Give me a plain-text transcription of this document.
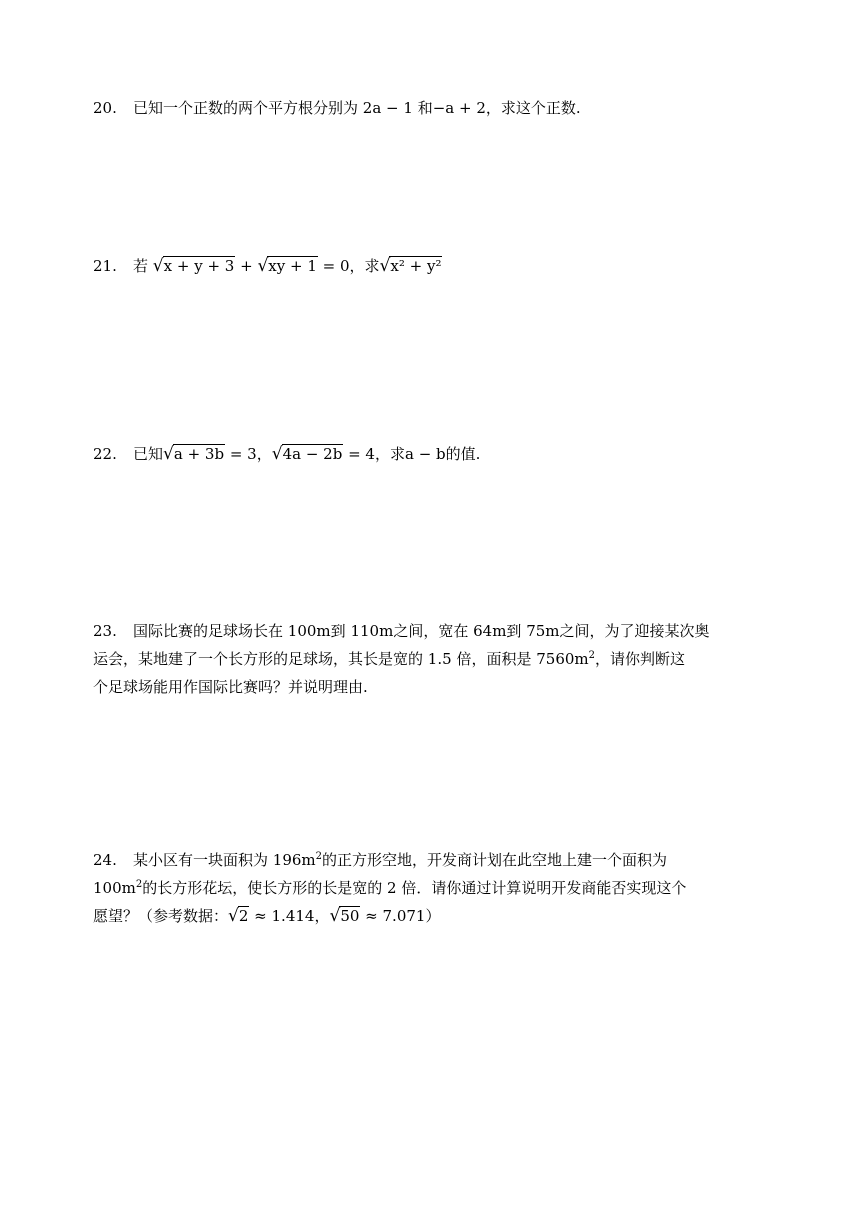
20. 已知一个正数的两个平方根分别为 2a − 1 和−a + 2，求这个正数.
21. 若 √x + y + 3 + √xy + 1 = 0，求√x² + y²
22. 已知√a + 3b = 3，√4a − 2b = 4，求a − b的值.
23. 国际比赛的足球场长在 100m到 110m之间，宽在 64m到 75m之间，为了迎接某次奥
运会，某地建了一个长方形的足球场，其长是宽的 1.5 倍，面积是 $7560m^2$，请你判断这
个足球场能用作国际比赛吗？并说明理由.
24. 某小区有一块面积为 $196m^2$的正方形空地，开发商计划在此空地上建一个面积为
$100m^2$的长方形花坛，使长方形的长是宽的 2 倍．请你通过计算说明开发商能否实现这个
愿望？（参考数据：√2 ≈ 1.414，√50 ≈ 7.071）
